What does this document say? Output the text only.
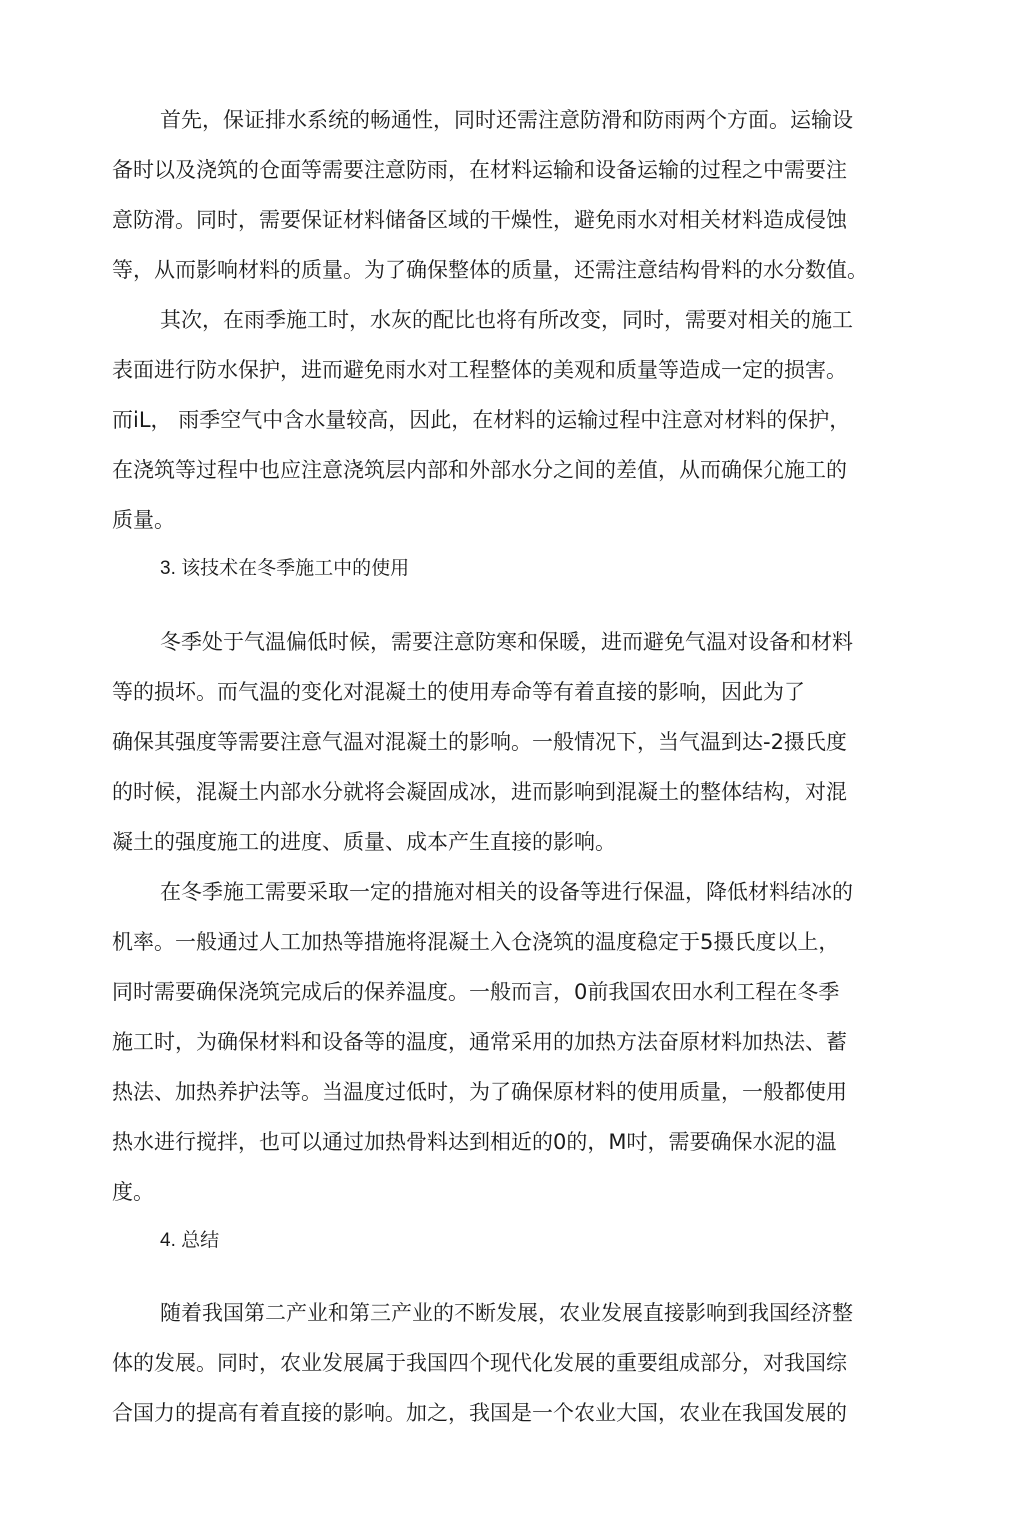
首先，保证排水系统的畅通性，同时还需注意防滑和防雨两个方面。运输设
备时以及浇筑的仓面等需要注意防雨，在材料运输和设备运输的过程之中需要注
意防滑。同时，需要保证材料储备区域的干燥性，避免雨水对相关材料造成侵蚀
等，从而影响材料的质量。为了确保整体的质量，还需注意结构骨料的水分数值。
其次，在雨季施工时，水灰的配比也将有所改变，同时，需要对相关的施工
表面进行防水保护，进而避免雨水对工程整体的美观和质量等造成一定的损害。
而iL， 雨季空气中含水量较高，因此，在材料的运输过程中注意对材料的保护，
在浇筑等过程中也应注意浇筑层内部和外部水分之间的差值，从而确保尣施工的
质量。
3. 该技术在冬季施工中的使用
冬季处于气温偏低时候，需要注意防寒和保暖，进而避免气温对设备和材料
等的损坏。而气温的变化对混凝土的使用寿命等有着直接的影响，因此为了
确保其强度等需要注意气温对混凝土的影响。一般情况下，当气温到达-2摄氏度
的时候，混凝土内部水分就将会凝固成冰，进而影响到混凝土的整体结构，对混
凝土的强度施工的进度、质量、成本产生直接的影响。
在冬季施工需要采取一定的措施对相关的设备等进行保温，降低材料结冰的
机率。一般通过人工加热等措施将混凝土入仓浇筑的温度稳定于5摄氏度以上，
同时需要确保浇筑完成后的保养温度。一般而言，0前我国农田水利工程在冬季
施工时，为确保材料和设备等的温度，通常采用的加热方法奋原材料加热法、蓄
热法、加热养护法等。当温度过低时，为了确保原材料的使用质量，一般都使用
热水进行搅拌，也可以通过加热骨料达到相近的0的，M吋，需要确保水泥的温
度。
4. 总结
随着我国第二产业和第三产业的不断发展，农业发展直接影响到我国经济整
体的发展。同时，农业发展属于我国四个现代化发展的重要组成部分，对我国综
合国力的提高有着直接的影响。加之，我国是一个农业大国，农业在我国发展的
